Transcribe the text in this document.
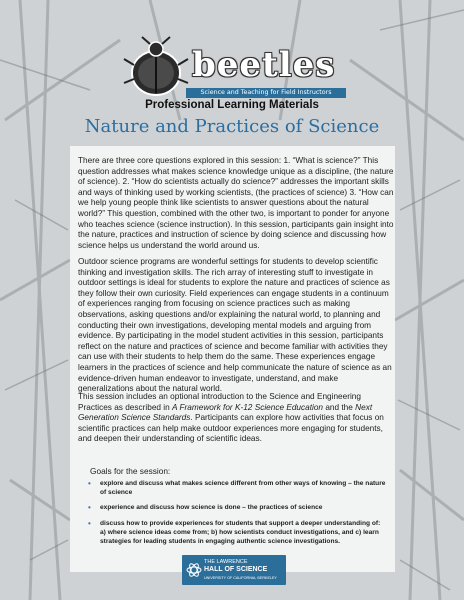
beetles
Science and Teaching for Field Instructors
Professional Learning Materials
Nature and Practices of Science

There are three core questions explored in this session: 1. “What is science?” This question addresses what makes science knowledge unique as a discipline, (the nature of science). 2. “How do scientists actually do science?” addresses the important skills and ways of thinking used by working scientists, (the practices of science) 3. “How can we help young people think like scientists to answer questions about the natural world?” This question, combined with the other two, is important to ponder for anyone who teaches science (science instruction). In this session, participants gain insight into the nature, practices and instruction of science by doing science and discussing how science helps us understand the world around us.

Outdoor science programs are wonderful settings for students to develop scientific thinking and investigation skills. The rich array of interesting stuff to investigate in outdoor settings is ideal for students to explore the nature and practices of science as they follow their own curiosity. Field experiences can engage students in a continuum of experiences ranging from focusing on science practices such as making observations, asking questions and/or explaining the natural world, to planning and conducting their own investigations, developing mental models and arguing from evidence. By participating in the model student activities in this session, participants reflect on the nature and practices of science and become familiar with activities they can use with their students to help them do the same. These experiences engage learners in the practices of science and help communicate the nature of science as an evidence-driven human endeavor to investigate, understand, and make generalizations about the natural world.

This session includes an optional introduction to the Science and Engineering Practices as described in A Framework for K-12 Science Education and the Next Generation Science Standards. Participants can explore how activities that focus on scientific practices can help make outdoor experiences more engaging for students, and deepen their understanding of scientific ideas.

Goals for the session:

• explore and discuss what makes science different from other ways of knowing – the nature of science
• experience and discuss how science is done – the practices of science
• discuss how to provide experiences for students that support a deeper understanding of: a) where science ideas come from; b) how scientists conduct investigations, and c) learn strategies for leading students in engaging authentic science investigations.
THE LAWRENCE
HALL OF SCIENCE
UNIVERSITY OF CALIFORNIA, BERKELEY
